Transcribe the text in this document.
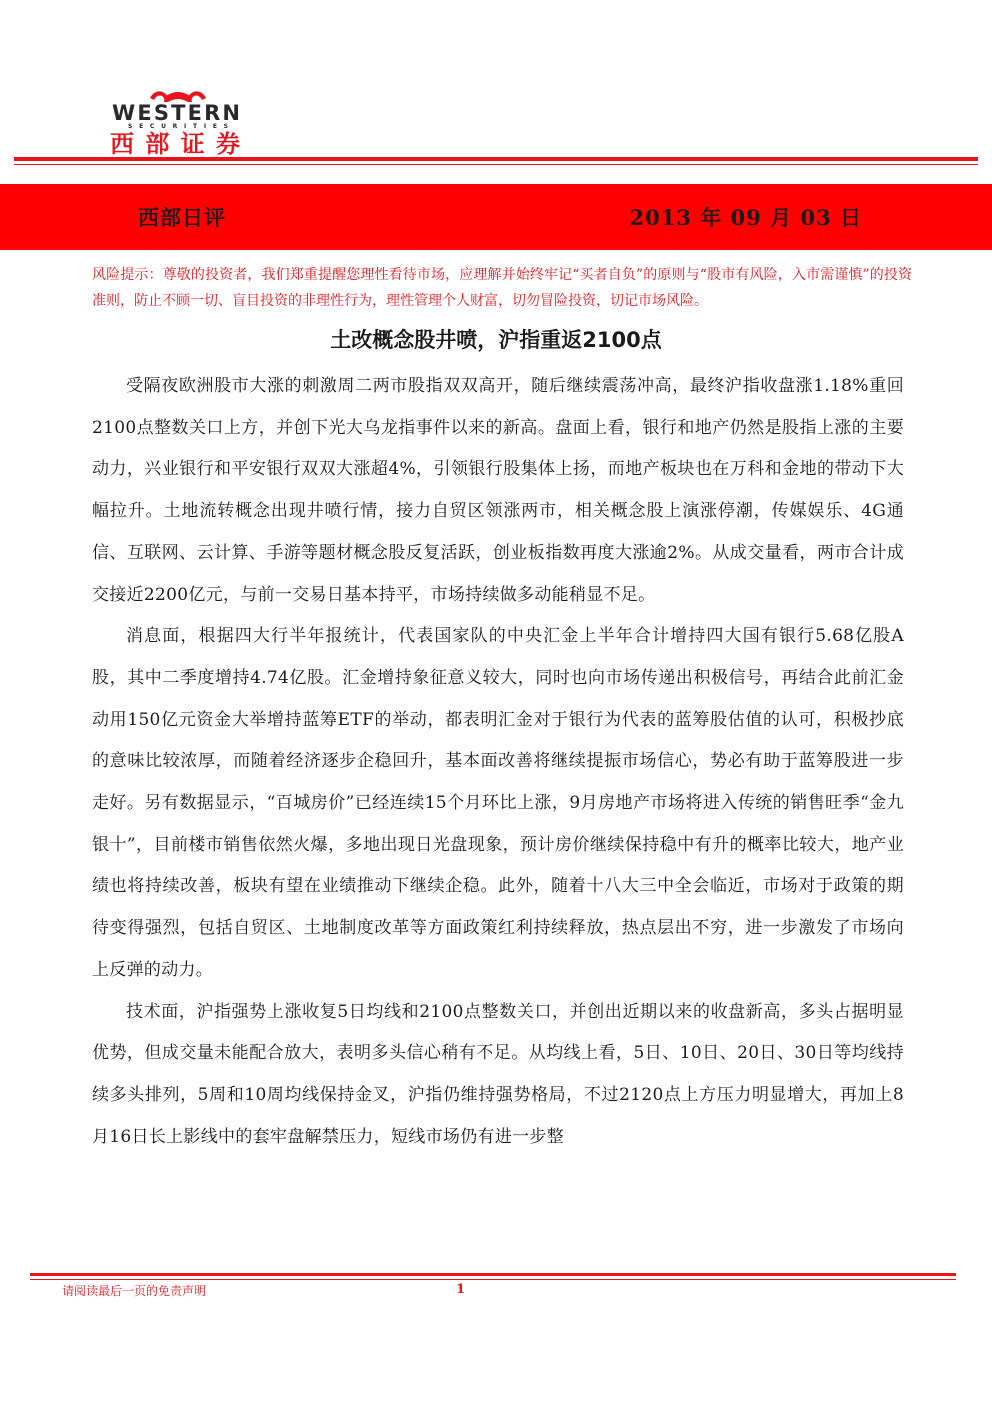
WESTERN
SECURITIES
西部证券
西部日评	2013 年 09 月 03 日
风险提示：尊敬的投资者，我们郑重提醒您理性看待市场，应理解并始终牢记“买者自负”的原则与“股市有风险，入市需谨慎”的投资准则，防止不顾一切、盲目投资的非理性行为，理性管理个人财富，切勿冒险投资，切记市场风险。
土改概念股井喷，沪指重返2100点

受隔夜欧洲股市大涨的刺激周二两市股指双双高开，随后继续震荡冲高，最终沪指收盘涨1.18%重回2100点整数关口上方，并创下光大乌龙指事件以来的新高。盘面上看，银行和地产仍然是股指上涨的主要动力，兴业银行和平安银行双双大涨超4%，引领银行股集体上扬，而地产板块也在万科和金地的带动下大幅拉升。土地流转概念出现井喷行情，接力自贸区领涨两市，相关概念股上演涨停潮，传媒娱乐、4G通信、互联网、云计算、手游等题材概念股反复活跃，创业板指数再度大涨逾2%。从成交量看，两市合计成交接近2200亿元，与前一交易日基本持平，市场持续做多动能稍显不足。

消息面，根据四大行半年报统计，代表国家队的中央汇金上半年合计增持四大国有银行5.68亿股A股，其中二季度增持4.74亿股。汇金增持象征意义较大，同时也向市场传递出积极信号，再结合此前汇金动用150亿元资金大举增持蓝筹ETF的举动，都表明汇金对于银行为代表的蓝筹股估值的认可，积极抄底的意味比较浓厚，而随着经济逐步企稳回升，基本面改善将继续提振市场信心，势必有助于蓝筹股进一步走好。另有数据显示，“百城房价”已经连续15个月环比上涨，9月房地产市场将进入传统的销售旺季“金九银十”，目前楼市销售依然火爆，多地出现日光盘现象，预计房价继续保持稳中有升的概率比较大，地产业绩也将持续改善，板块有望在业绩推动下继续企稳。此外，随着十八大三中全会临近，市场对于政策的期待变得强烈，包括自贸区、土地制度改革等方面政策红利持续释放，热点层出不穷，进一步激发了市场向上反弹的动力。

技术面，沪指强势上涨收复5日均线和2100点整数关口，并创出近期以来的收盘新高，多头占据明显优势，但成交量未能配合放大，表明多头信心稍有不足。从均线上看，5日、10日、20日、30日等均线持续多头排列，5周和10周均线保持金叉，沪指仍维持强势格局，不过2120点上方压力明显增大，再加上8月16日长上影线中的套牢盘解禁压力，短线市场仍有进一步整

请阅读最后一页的免责声明	1
